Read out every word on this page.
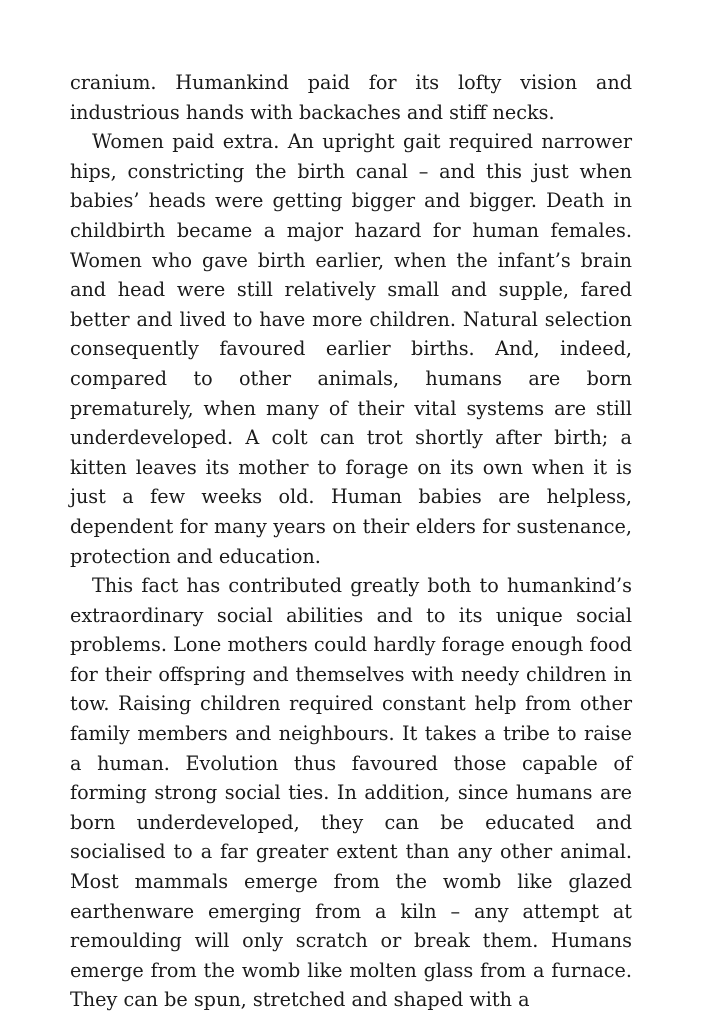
cranium. Humankind paid for its lofty vision and industrious hands with backaches and stiff necks.

Women paid extra. An upright gait required narrower hips, constricting the birth canal – and this just when babies’ heads were getting bigger and bigger. Death in childbirth became a major hazard for human females. Women who gave birth earlier, when the infant’s brain and head were still relatively small and supple, fared better and lived to have more children. Natural selection consequently favoured earlier births. And, indeed, compared to other animals, humans are born prematurely, when many of their vital systems are still underdeveloped. A colt can trot shortly after birth; a kitten leaves its mother to forage on its own when it is just a few weeks old. Human babies are helpless, dependent for many years on their elders for sustenance, protection and education.

This fact has contributed greatly both to humankind’s extraordinary social abilities and to its unique social problems. Lone mothers could hardly forage enough food for their offspring and themselves with needy children in tow. Raising children required constant help from other family members and neighbours. It takes a tribe to raise a human. Evolution thus favoured those capable of forming strong social ties. In addition, since humans are born underdeveloped, they can be educated and socialised to a far greater extent than any other animal. Most mammals emerge from the womb like glazed earthenware emerging from a kiln – any attempt at remoulding will only scratch or break them. Humans emerge from the womb like molten glass from a furnace. They can be spun, stretched and shaped with a
